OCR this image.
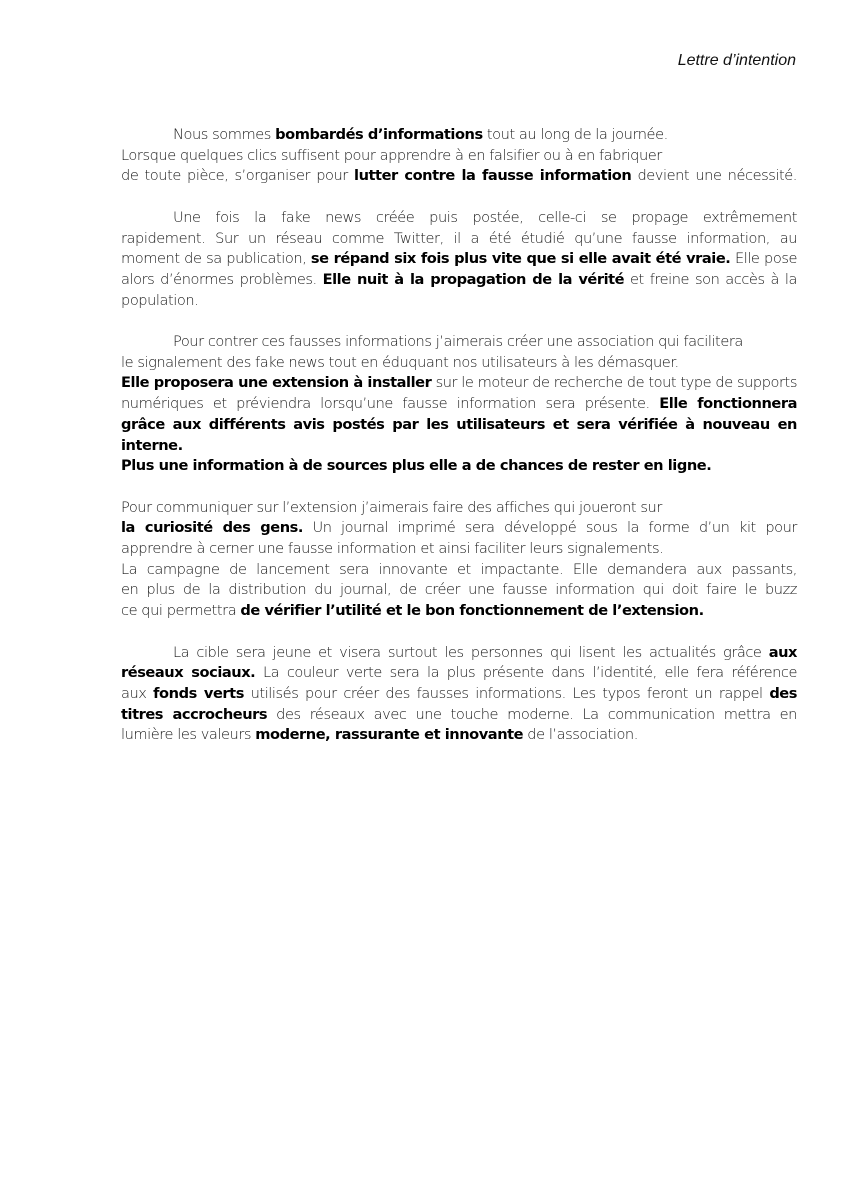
Lettre d’intention

Nous sommes bombardés d’informations tout au long de la journée.
Lorsque quelques clics suffisent pour apprendre à en falsifier ou à en fabriquer
de toute pièce, s’organiser pour lutter contre la fausse information devient une nécessité.

Une fois la fake news créée puis postée, celle-ci se propage extrêmement
rapidement. Sur un réseau comme Twitter, il a été étudié qu’une fausse information, au
moment de sa publication, se répand six fois plus vite que si elle avait été vraie. Elle pose
alors d’énormes problèmes. Elle nuit à la propagation de la vérité et freine son accès à la
population.

Pour contrer ces fausses informations j’aimerais créer une association qui facilitera
le signalement des fake news tout en éduquant nos utilisateurs à les démasquer.
Elle proposera une extension à installer sur le moteur de recherche de tout type de supports
numériques et préviendra lorsqu’une fausse information sera présente. Elle fonctionnera
grâce aux différents avis postés par les utilisateurs et sera vérifiée à nouveau en interne.
Plus une information à de sources plus elle a de chances de rester en ligne.

Pour communiquer sur l’extension j’aimerais faire des affiches qui joueront sur
la curiosité des gens. Un journal imprimé sera développé sous la forme d’un kit pour
apprendre à cerner une fausse information et ainsi faciliter leurs signalements.
La campagne de lancement sera innovante et impactante. Elle demandera aux passants,
en plus de la distribution du journal, de créer une fausse information qui doit faire le buzz
ce qui permettra de vérifier l’utilité et le bon fonctionnement de l’extension.

La cible sera jeune et visera surtout les personnes qui lisent les actualités grâce aux
réseaux sociaux. La couleur verte sera la plus présente dans l’identité, elle fera référence
aux fonds verts utilisés pour créer des fausses informations. Les typos feront un rappel des
titres accrocheurs des réseaux avec une touche moderne. La communication mettra en
lumière les valeurs moderne, rassurante et innovante de l’association.
